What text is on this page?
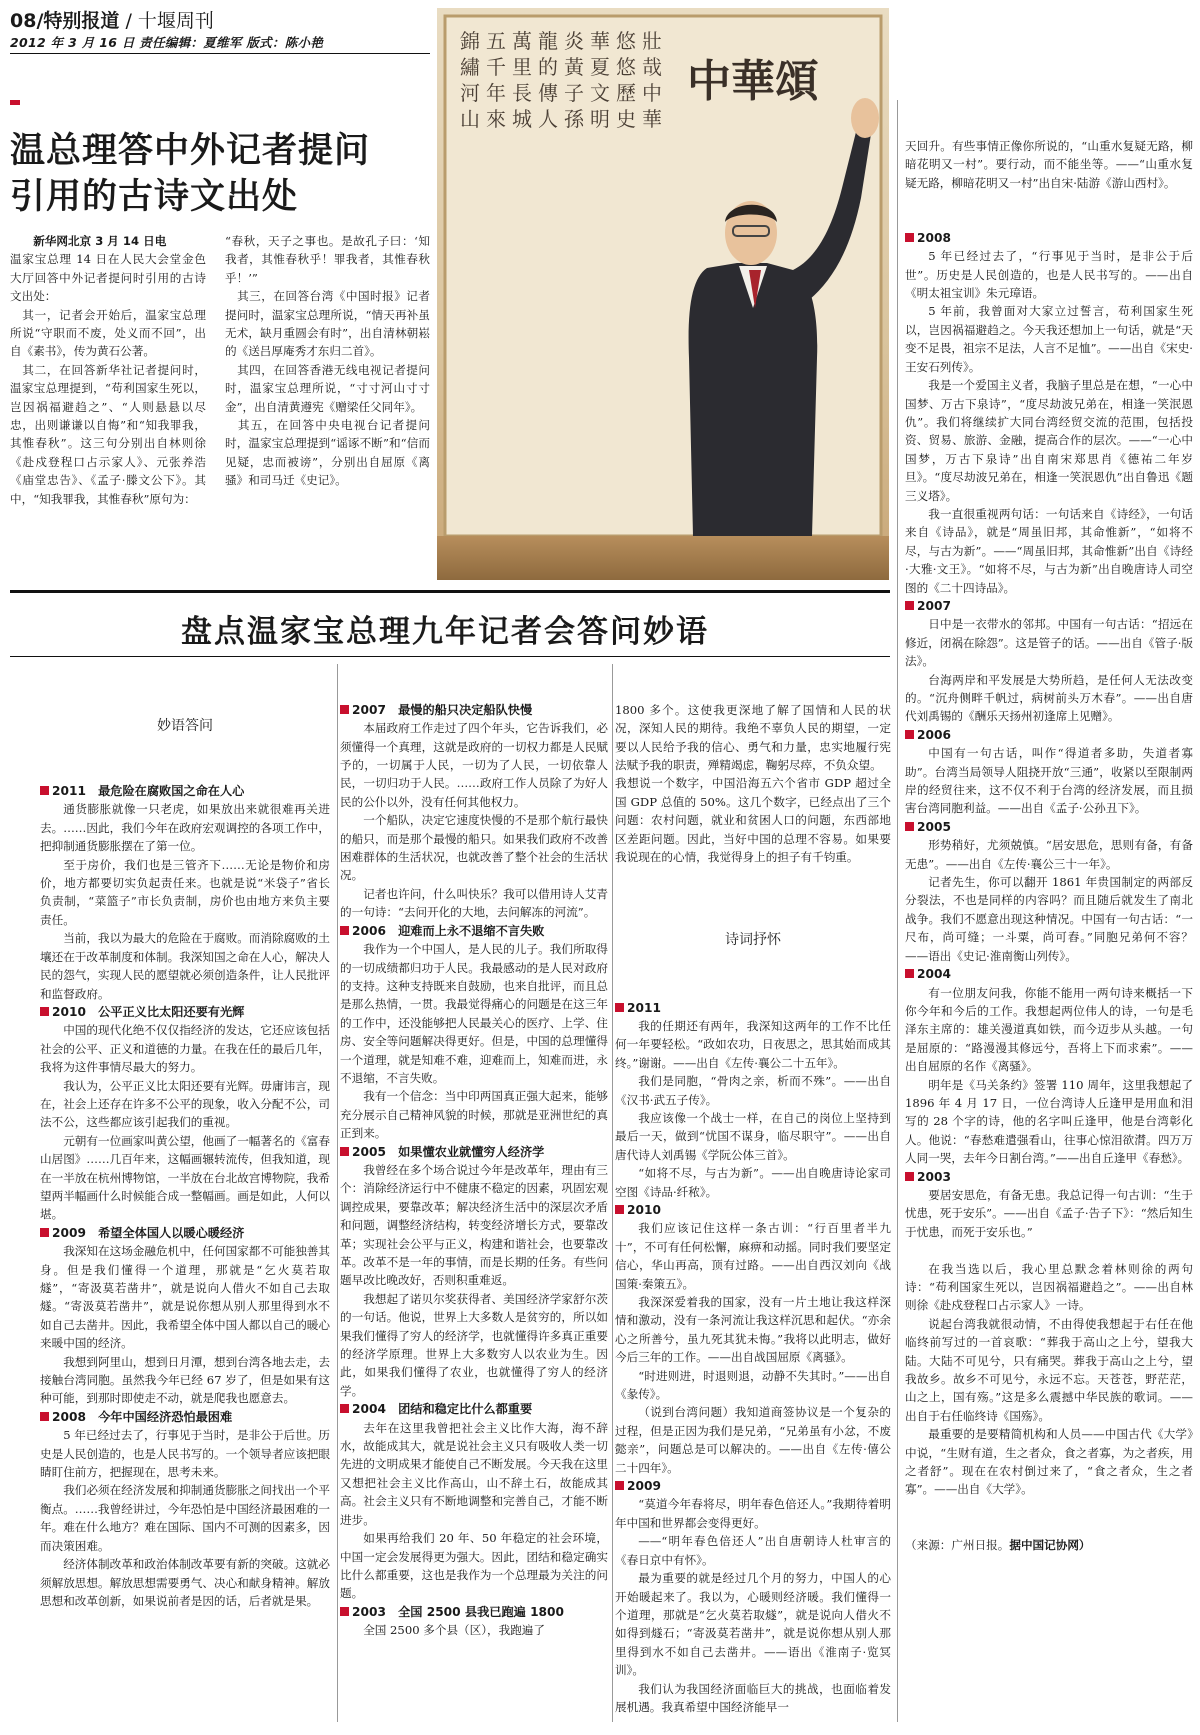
08/特别报道 / 十堰周刊
2012 年 3 月 16 日 责任编辑：夏维军 版式：陈小艳
温总理答中外记者提问
引用的古诗文出处
新华网北京 3 月 14 日电
温家宝总理 14 日在人民大会堂金色大厅回答中外记者提问时引用的古诗文出处：
　其一，记者会开始后，温家宝总理所说“守职而不废，处义而不回”，出自《素书》，传为黄石公著。
　其二，在回答新华社记者提问时，温家宝总理提到，“苟利国家生死以，岂因祸福避趋之”、“人则悬悬以尽忠，出则谦谦以自悔”和“知我罪我，其惟春秋”。这三句分别出自林则徐《赴戍登程口占示家人》、元张养浩《庙堂忠告》、《孟子·滕文公下》。其中，“知我罪我，其惟春秋”原句为：
“春秋，天子之事也。是故孔子曰：‘知我者，其惟春秋乎！罪我者，其惟春秋乎！’”
　其三，在回答台湾《中国时报》记者提问时，温家宝总理所说，“情天再补虽无术，缺月重圆会有时”，出自清林朝崧的《送吕厚庵秀才东归二首》。
　其四，在回答香港无线电视记者提问时，温家宝总理所说，“寸寸河山寸寸金”，出自清黄遵宪《赠梁任父同年》。
　其五，在回答中央电视台记者提问时，温家宝总理提到“谣诼不断”和“信而见疑，忠而被谤”，分别出自屈原《离骚》和司马迁《史记》。
中華頌
壯
哉
中
華
悠
悠
歷
史
華
夏
文
明
炎
黃
子
孫
龍
的
傳
人
萬
里
長
城
五
千
年
來
錦
繡
河
山
盘点温家宝总理九年记者会答问妙语

妙语答问

2011　最危险在腐败国之命在人心
通货膨胀就像一只老虎，如果放出来就很难再关进去。……因此，我们今年在政府宏观调控的各项工作中，把抑制通货膨胀摆在了第一位。
至于房价，我们也是三管齐下……无论是物价和房价，地方都要切实负起责任来。也就是说“米袋子”省长负责制，“菜篮子”市长负责制，房价也由地方来负主要责任。
当前，我以为最大的危险在于腐败。而消除腐败的土壤还在于改革制度和体制。我深知国之命在人心，解决人民的怨气，实现人民的愿望就必须创造条件，让人民批评和监督政府。
2010　公平正义比太阳还要有光辉
中国的现代化绝不仅仅指经济的发达，它还应该包括社会的公平、正义和道德的力量。在我在任的最后几年，我将为这件事情尽最大的努力。
我认为，公平正义比太阳还要有光辉。毋庸讳言，现在，社会上还存在许多不公平的现象，收入分配不公，司法不公，这些都应该引起我们的重视。
元朝有一位画家叫黄公望，他画了一幅著名的《富春山居图》……几百年来，这幅画辗转流传，但我知道，现在一半放在杭州博物馆，一半放在台北故宫博物院，我希望两半幅画什么时候能合成一整幅画。画是如此，人何以堪。
2009　希望全体国人以暖心暖经济
我深知在这场金融危机中，任何国家都不可能独善其身。但是我们懂得一个道理，那就是“乞火莫若取燧”，“寄汲莫若凿井”，就是说向人借火不如自己去取燧。“寄汲莫若凿井”，就是说你想从别人那里得到水不如自己去凿井。因此，我希望全体中国人都以自己的暖心来暖中国的经济。
我想到阿里山，想到日月潭，想到台湾各地去走，去接触台湾同胞。虽然我今年已经 67 岁了，但是如果有这种可能，到那时即使走不动，就是爬我也愿意去。
2008　今年中国经济恐怕最困难
5 年已经过去了，行事见于当时，是非公于后世。历史是人民创造的，也是人民书写的。一个领导者应该把眼睛盯住前方，把握现在，思考未来。
我们必须在经济发展和抑制通货膨胀之间找出一个平衡点。……我曾经讲过，今年恐怕是中国经济最困难的一年。难在什么地方？难在国际、国内不可测的因素多，因而决策困难。
经济体制改革和政治体制改革要有新的突破。这就必须解放思想。解放思想需要勇气、决心和献身精神。解放思想和改革创新，如果说前者是因的话，后者就是果。

2007　最慢的船只决定船队快慢
本届政府工作走过了四个年头，它告诉我们，必须懂得一个真理，这就是政府的一切权力都是人民赋予的，一切属于人民，一切为了人民，一切依靠人民，一切归功于人民。……政府工作人员除了为好人民的公仆以外，没有任何其他权力。
一个船队，决定它速度快慢的不是那个航行最快的船只，而是那个最慢的船只。如果我们政府不改善困难群体的生活状况，也就改善了整个社会的生活状况。
记者也许问，什么叫快乐？我可以借用诗人艾青的一句诗：“去问开化的大地，去问解冻的河流”。
2006　迎难而上永不退缩不言失败
我作为一个中国人，是人民的儿子。我们所取得的一切成绩都归功于人民。我最感动的是人民对政府的支持。这种支持既来自鼓励，也来自批评，而且总是那么热情，一贯。我最觉得痛心的问题是在这三年的工作中，还没能够把人民最关心的医疗、上学、住房、安全等问题解决得更好。但是，中国的总理懂得一个道理，就是知难不难，迎难而上，知难而进，永不退缩，不言失败。
我有一个信念：当中印两国真正强大起来，能够充分展示自己精神风貌的时候，那就是亚洲世纪的真正到来。
2005　如果懂农业就懂穷人经济学
我曾经在多个场合说过今年是改革年，理由有三个：消除经济运行中不健康不稳定的因素，巩固宏观调控成果，要靠改革；解决经济生活中的深层次矛盾和问题，调整经济结构，转变经济增长方式，要靠改革；实现社会公平与正义，构建和谐社会，也要靠改革。改革不是一年的事情，而是长期的任务。有些问题早改比晚改好，否则积重难返。
我想起了诺贝尔奖获得者、美国经济学家舒尔茨的一句话。他说，世界上大多数人是贫穷的，所以如果我们懂得了穷人的经济学，也就懂得许多真正重要的经济学原理。世界上大多数穷人以农业为生。因此，如果我们懂得了农业，也就懂得了穷人的经济学。
2004　团结和稳定比什么都重要
去年在这里我曾把社会主义比作大海，海不辞水，故能成其大，就是说社会主义只有吸收人类一切先进的文明成果才能使自己不断发展。今天我在这里又想把社会主义比作高山，山不辞土石，故能成其高。社会主义只有不断地调整和完善自己，才能不断进步。
如果再给我们 20 年、50 年稳定的社会环境，中国一定会发展得更为强大。因此，团结和稳定确实比什么都重要，这也是我作为一个总理最为关注的问题。
2003　全国 2500 县我已跑遍 1800
全国 2500 多个县（区），我跑遍了

1800 多个。这使我更深地了解了国情和人民的状况，深知人民的期待。我绝不辜负人民的期望，一定要以人民给予我的信心、勇气和力量，忠实地履行宪法赋予我的职责，殚精竭虑，鞠躬尽瘁，不负众望。
我想说一个数字，中国沿海五六个省市 GDP 超过全国 GDP 总值的 50%。这几个数字，已经点出了三个问题：农村问题，就业和贫困人口的问题，东西部地区差距问题。因此，当好中国的总理不容易。如果要我说现在的心情，我觉得身上的担子有千钧重。

诗词抒怀

2011
我的任期还有两年，我深知这两年的工作不比任何一年要轻松。“政如农功，日夜思之，思其始而成其终。”谢谢。——出自《左传·襄公二十五年》。
我们是同胞，“骨肉之亲，析而不殊”。——出自《汉书·武五子传》。
我应该像一个战士一样，在自己的岗位上坚持到最后一天，做到“忧国不谋身，临尽职守”。——出自唐代诗人刘禹锡《学阮公体三首》。
“如将不尽，与古为新”。——出自晚唐诗论家司空图《诗品·纤秾》。
2010
我们应该记住这样一条古训：“行百里者半九十”，不可有任何松懈，麻痹和动摇。同时我们要坚定信心，华山再高，顶有过路。——出自西汉刘向《战国策·秦策五》。
我深深爱着我的国家，没有一片土地让我这样深情和激动，没有一条河流让我这样沉思和起伏。“亦余心之所善兮，虽九死其犹未悔。”我将以此明志，做好今后三年的工作。——出自战国屈原《离骚》。
“时进则进，时退则退，动静不失其时。”——出自《彖传》。
（说到台湾问题）我知道商签协议是一个复杂的过程，但是正因为我们是兄弟，“兄弟虽有小忿，不废懿亲”，问题总是可以解决的。——出自《左传·僖公二十四年》。
2009
“莫道今年春将尽，明年春色倍还人。”我期待着明年中国和世界都会变得更好。
——“明年春色倍还人”出自唐朝诗人杜审言的《春日京中有怀》。
最为重要的就是经过几个月的努力，中国人的心开始暖起来了。我以为，心暖则经济暖。我们懂得一个道理，那就是“乞火莫若取燧”，就是说向人借火不如得到燧石；“寄汲莫若凿井”，就是说你想从别人那里得到水不如自己去凿井。——语出《淮南子·览冥训》。
我们认为我国经济面临巨大的挑战，也面临着发展机遇。我真希望中国经济能早一

天回升。有些事情正像你所说的，“山重水复疑无路，柳暗花明又一村”。要行动，而不能坐等。——“山重水复疑无路，柳暗花明又一村”出自宋·陆游《游山西村》。

2008
5 年已经过去了，“行事见于当时，是非公于后世”。历史是人民创造的，也是人民书写的。——出自《明太祖宝训》朱元璋语。
5 年前，我曾面对大家立过誓言，苟利国家生死以，岂因祸福避趋之。今天我还想加上一句话，就是“天变不足畏，祖宗不足法，人言不足恤”。——出自《宋史·王安石列传》。
我是一个爱国主义者，我脑子里总是在想，“一心中国梦、万古下泉诗”，“度尽劫波兄弟在，相逢一笑泯恩仇”。我们将继续扩大同台湾经贸交流的范围，包括投资、贸易、旅游、金融，提高合作的层次。——“一心中国梦，万古下泉诗”出自南宋郑思肖《德祐二年岁旦》。“度尽劫波兄弟在，相逢一笑泯恩仇”出自鲁迅《题三义塔》。
我一直很重视两句话：一句话来自《诗经》，一句话来自《诗品》，就是“周虽旧邦，其命惟新”，“如将不尽，与古为新”。——“周虽旧邦，其命惟新”出自《诗经·大雅·文王》。“如将不尽，与古为新”出自晚唐诗人司空图的《二十四诗品》。
2007
日中是一衣带水的邻邦。中国有一句古话：“招远在修近，闭祸在除怨”。这是管子的话。——出自《管子·版法》。
台海两岸和平发展是大势所趋，是任何人无法改变的。“沉舟侧畔千帆过，病树前头万木春”。——出自唐代刘禹锡的《酬乐天扬州初逢席上见赠》。
2006
中国有一句古话，叫作“得道者多助，失道者寡助”。台湾当局领导人阻挠开放“三通”，收紧以至限制两岸的经贸往来，这不仅不利于台湾的经济发展，而且损害台湾同胞利益。——出自《孟子·公孙丑下》。
2005
形势稍好，尤须兢慎。“居安思危，思则有备，有备无患”。——出自《左传·襄公三十一年》。
记者先生，你可以翻开 1861 年贵国制定的两部反分裂法，不也是同样的内容吗？而且随后就发生了南北战争。我们不愿意出现这种情况。中国有一句古话：“一尺布，尚可缝；一斗粟，尚可舂。”同胞兄弟何不容？——语出《史记·淮南衡山列传》。
2004
有一位朋友问我，你能不能用一两句诗来概括一下你今年和今后的工作。我想起两位伟人的诗，一句是毛泽东主席的：雄关漫道真如铁，而今迈步从头越。一句是屈原的：“路漫漫其修远兮，吾将上下而求索”。——出自屈原的名作《离骚》。
明年是《马关条约》签署 110 周年，这里我想起了 1896 年 4 月 17 日，一位台湾诗人丘逢甲是用血和泪写的 28 个字的诗，他的名字叫丘逢甲，他是台湾彰化人。他说：“春愁难遣强看山，往事心惊泪欲潸。四万万人同一哭，去年今日割台湾。”——出自丘逢甲《春愁》。
2003
要居安思危，有备无患。我总记得一句古训：“生于忧患，死于安乐”。——出自《孟子·告子下》：“然后知生于忧患，而死于安乐也。”

在我当选以后，我心里总默念着林则徐的两句诗：“苟利国家生死以，岂因祸福避趋之”。——出自林则徐《赴戍登程口占示家人》一诗。
说起台湾我就很动情，不由得使我想起于右任在他临终前写过的一首哀歌：“葬我于高山之上兮，望我大陆。大陆不可见兮，只有痛哭。葬我于高山之上兮，望我故乡。故乡不可见兮，永远不忘。天苍苍，野茫茫，山之上，国有殇。”这是多么震撼中华民族的歌词。——出自于右任临终诗《国殇》。
最重要的是要精简机构和人员——中国古代《大学》中说，“生财有道，生之者众，食之者寡，为之者疾，用之者舒”。现在在农村倒过来了，“食之者众，生之者寡”。——出自《大学》。

（来源：广州日报。据中国记协网）
